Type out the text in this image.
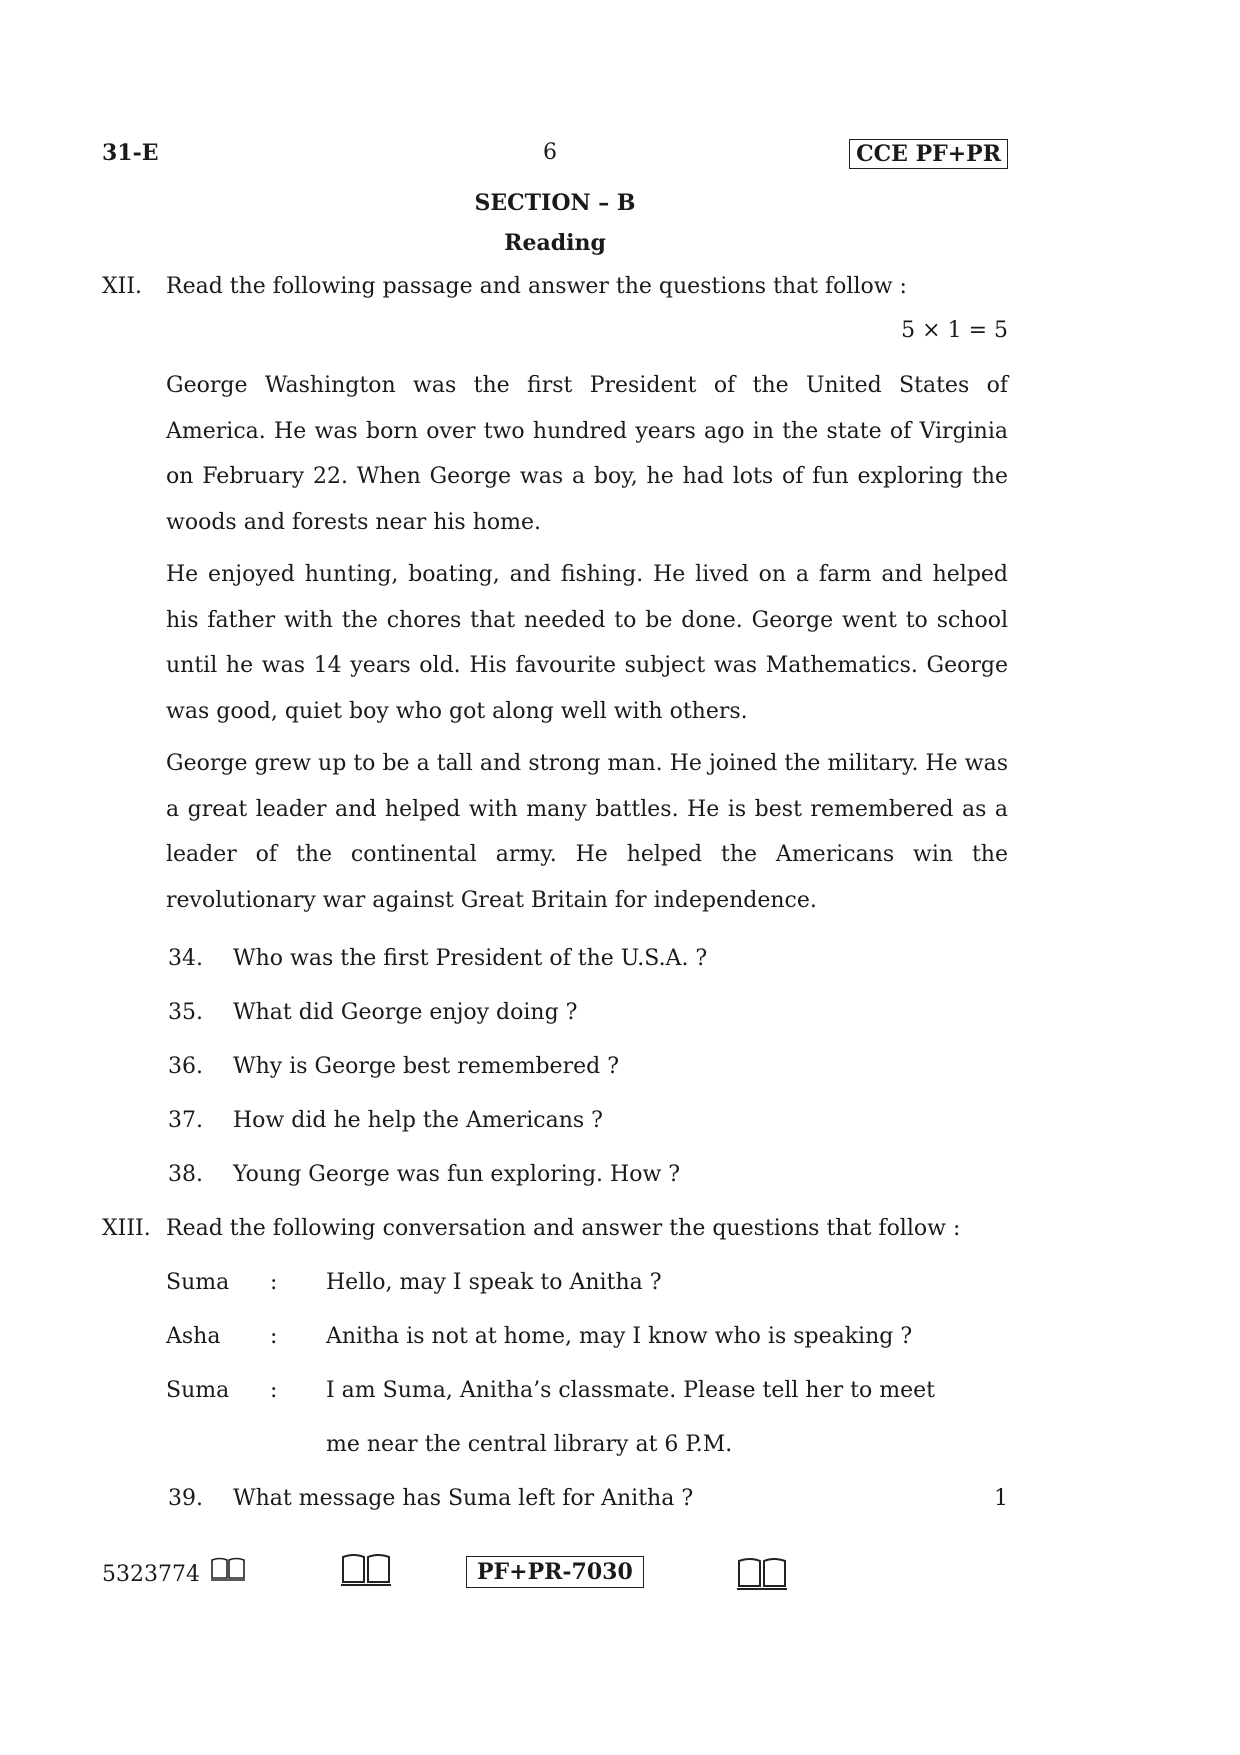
31-E	6	CCE PF+PR
SECTION – B
Reading
XII. Read the following passage and answer the questions that follow :
5 × 1 = 5

George Washington was the first President of the United States of America. He was born over two hundred years ago in the state of Virginia on February 22. When George was a boy, he had lots of fun exploring the woods and forests near his home.

He enjoyed hunting, boating, and fishing. He lived on a farm and helped his father with the chores that needed to be done. George went to school until he was 14 years old. His favourite subject was Mathematics. George was good, quiet boy who got along well with others.

George grew up to be a tall and strong man. He joined the military. He was a great leader and helped with many battles. He is best remembered as a leader of the continental army. He helped the Americans win the revolutionary war against Great Britain for independence.

34. Who was the first President of the U.S.A. ?
35. What did George enjoy doing ?
36. Why is George best remembered ?
37. How did he help the Americans ?
38. Young George was fun exploring. How ?
XIII. Read the following conversation and answer the questions that follow :
Suma : Hello, may I speak to Anitha ?
Asha : Anitha is not at home, may I know who is speaking ?
Suma : I am Suma, Anitha’s classmate. Please tell her to meet
me near the central library at 6 P.M.
39. What message has Suma left for Anitha ?	1
5323774	PF+PR-7030
